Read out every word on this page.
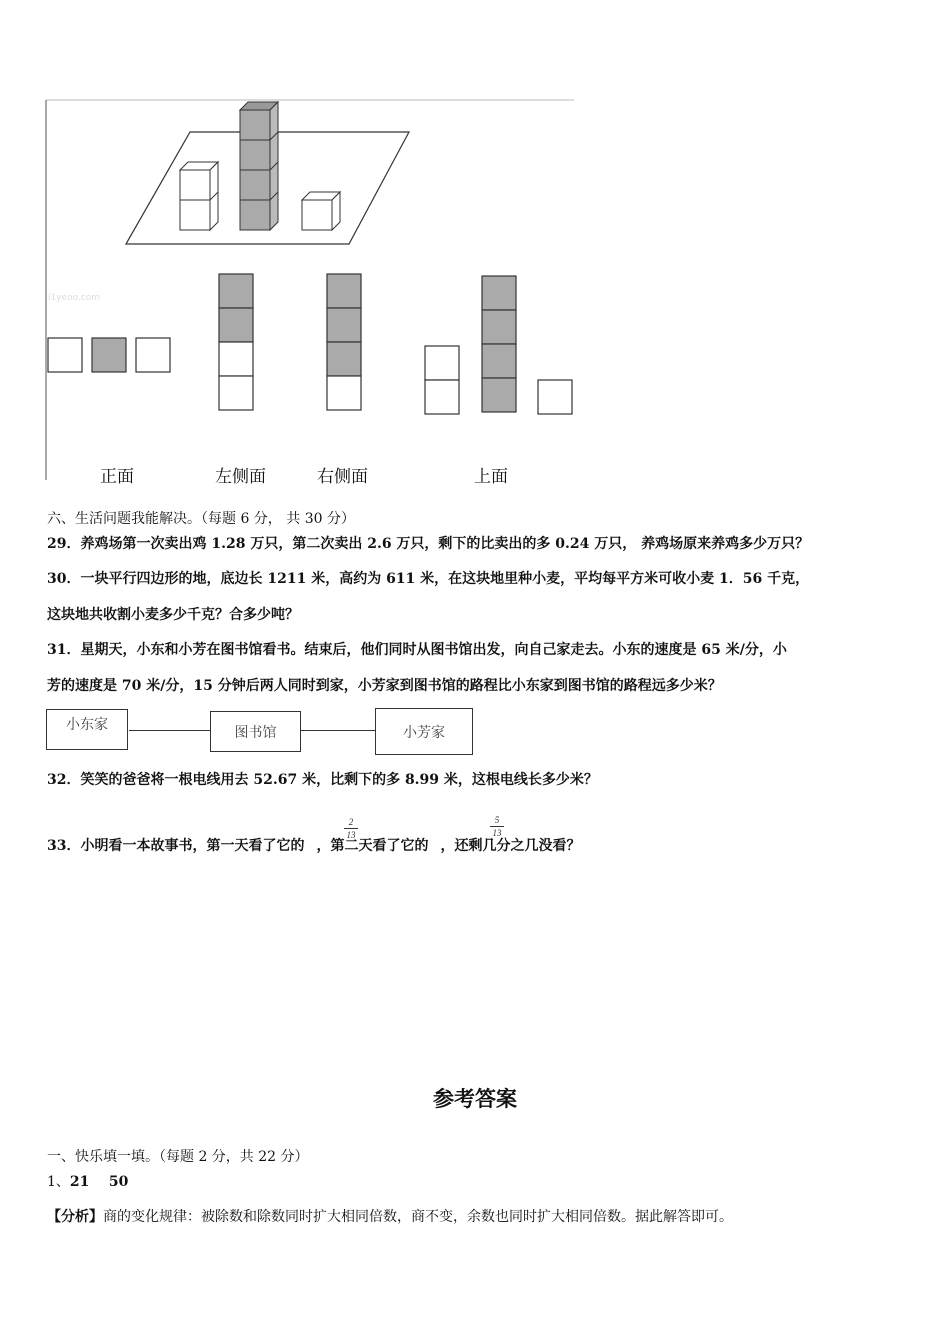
i1yeoo.com
正面	左侧面	右侧面	上面
六、生活问题我能解决。（每题 6 分， 共 30 分）
29．养鸡场第一次卖出鸡 1.28 万只，第二次卖出 2.6 万只，剩下的比卖出的多 0.24 万只， 养鸡场原来养鸡多少万只？
30．一块平行四边形的地，底边长 1211 米，高约为 611 米，在这块地里种小麦，平均每平方米可收小麦 1．56 千克，
这块地共收割小麦多少千克？合多少吨？
31．星期天，小东和小芳在图书馆看书。结束后，他们同时从图书馆出发，向自己家走去。小东的速度是 65 米/分，小
芳的速度是 70 米/分，15 分钟后两人同时到家，小芳家到图书馆的路程比小东家到图书馆的路程远多少米？
小东家	图书馆	小芳家
32．笑笑的爸爸将一根电线用去 52.67 米，比剩下的多 8.99 米，这根电线长多少米？
33．小明看一本故事书，第一天看了它的 ，第二天看了它的 ，还剩几分之几没看？
2
13
5
13
参考答案
一、快乐填一填。（每题 2 分，共 22 分）
1、21    50
【分析】商的变化规律：被除数和除数同时扩大相同倍数，商不变，余数也同时扩大相同倍数。据此解答即可。
